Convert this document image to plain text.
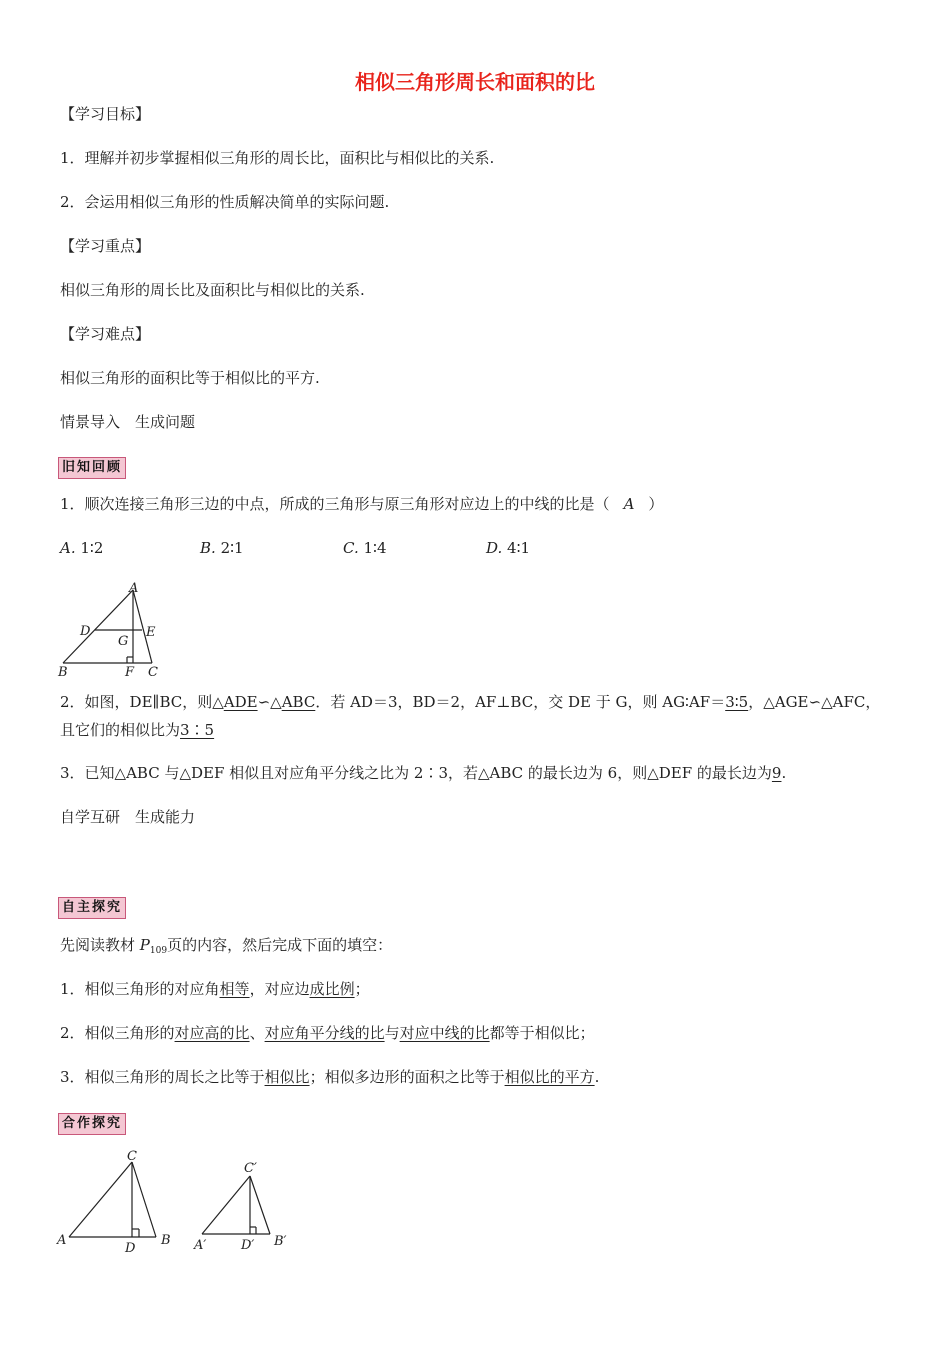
相似三角形周长和面积的比
【学习目标】
1．理解并初步掌握相似三角形的周长比，面积比与相似比的关系.
2．会运用相似三角形的性质解决简单的实际问题.
【学习重点】
相似三角形的周长比及面积比与相似比的关系.
【学习难点】
相似三角形的面积比等于相似比的平方.
情景导入　生成问题
旧知回顾
1．顺次连接三角形三边的中点，所成的三角形与原三角形对应边上的中线的比是（ A ）
A. 1∶2	B. 2∶1	C. 1∶4	D. 4∶1
A
D
G
E
B	F C
2．如图，DE∥BC，则△ADE∽△ABC．若 AD＝3，BD＝2，AF⊥BC，交 DE 于 G，则 AG∶AF＝3∶5，△AGE∽△AFC，
且它们的相似比为3∶5
3．已知△ABC 与△DEF 相似且对应角平分线之比为 2∶3，若△ABC 的最长边为 6，则△DEF 的最长边为9.
自学互研　生成能力
自主探究
先阅读教材 $P_{109}$页的内容，然后完成下面的填空：
1．相似三角形的对应角相等，对应边成比例；
2．相似三角形的对应高的比、对应角平分线的比与对应中线的比都等于相似比；
3．相似三角形的周长之比等于相似比；相似多边形的面积之比等于相似比的平方.
合作探究
C
A
D
B
C′
A′	D′ B′
